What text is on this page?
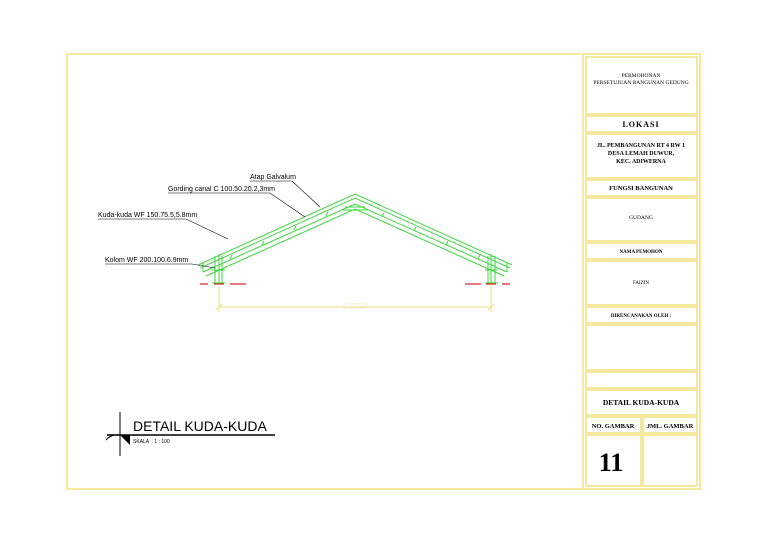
PERMOHONAN
PERSETUJUAN BANGUNAN GEDUNG
LOKASI
JL. PEMBANGUNAN RT 4 RW 1
DESA LEMAH DUWUR,
KEC. ADIWERNA
FUNGSI BANGUNAN
GUDANG
NAMA PEMOHON
FAIZIN
DIRENCANAKAN OLEH :
DETAIL KUDA-KUDA
NO. GAMBAR JML. GAMBAR
11
Atap Galvalum
Gording canal C 100.50.20.2,3mm
Kuda-kuda WF 150.75.5,5.8mm
Kolom WF 200.100.6.9mm
DETAIL KUDA-KUDA
SKALA    1 : 100
